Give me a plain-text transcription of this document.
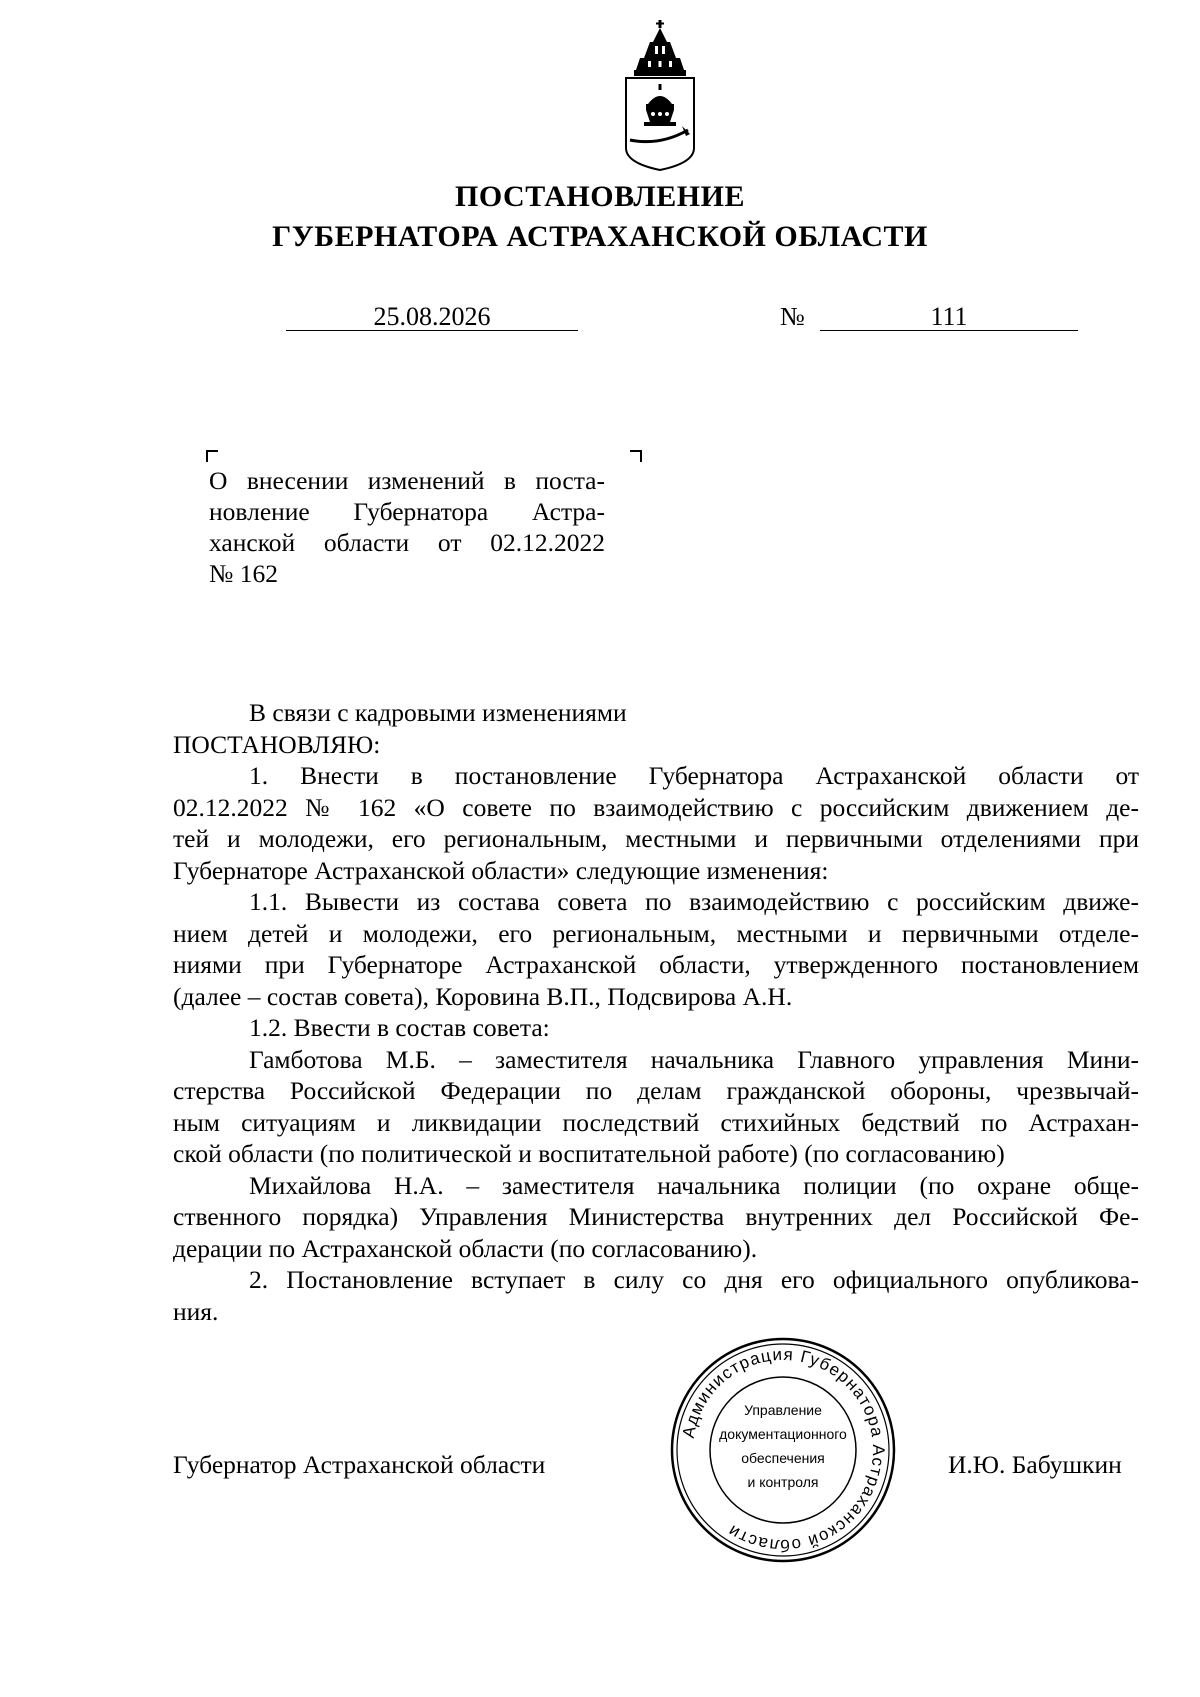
ПОСТАНОВЛЕНИЕ
ГУБЕРНАТОРА АСТРАХАНСКОЙ ОБЛАСТИ
25.08.2026	№	111
О внесении изменений в поста-
новление Губернатора Астра-
ханской области от 02.12.2022
№ 162
В связи с кадровыми изменениями
ПОСТАНОВЛЯЮ:
1. Внести в постановление Губернатора Астраханской области от
02.12.2022 № 162 «О совете по взаимодействию с российским движением де-
тей и молодежи, его региональным, местными и первичными отделениями при
Губернаторе Астраханской области» следующие изменения:
1.1. Вывести из состава совета по взаимодействию с российским движе-
нием детей и молодежи, его региональным, местными и первичными отделе-
ниями при Губернаторе Астраханской области, утвержденного постановлением
(далее – состав совета), Коровина В.П., Подсвирова А.Н.
1.2. Ввести в состав совета:
Гамботова М.Б. – заместителя начальника Главного управления Мини-
стерства Российской Федерации по делам гражданской обороны, чрезвычай-
ным ситуациям и ликвидации последствий стихийных бедствий по Астрахан-
ской области (по политической и воспитательной работе) (по согласованию)
Михайлова Н.А. – заместителя начальника полиции (по охране обще-
ственного порядка) Управления Министерства внутренних дел Российской Фе-
дерации по Астраханской области (по согласованию).
2. Постановление вступает в силу со дня его официального опубликова-
ния.
Губернатор Астраханской области	И.Ю. Бабушкин
Администрация Губернатора Астраханской области
Управление
документационного
обеспечения
и контроля
